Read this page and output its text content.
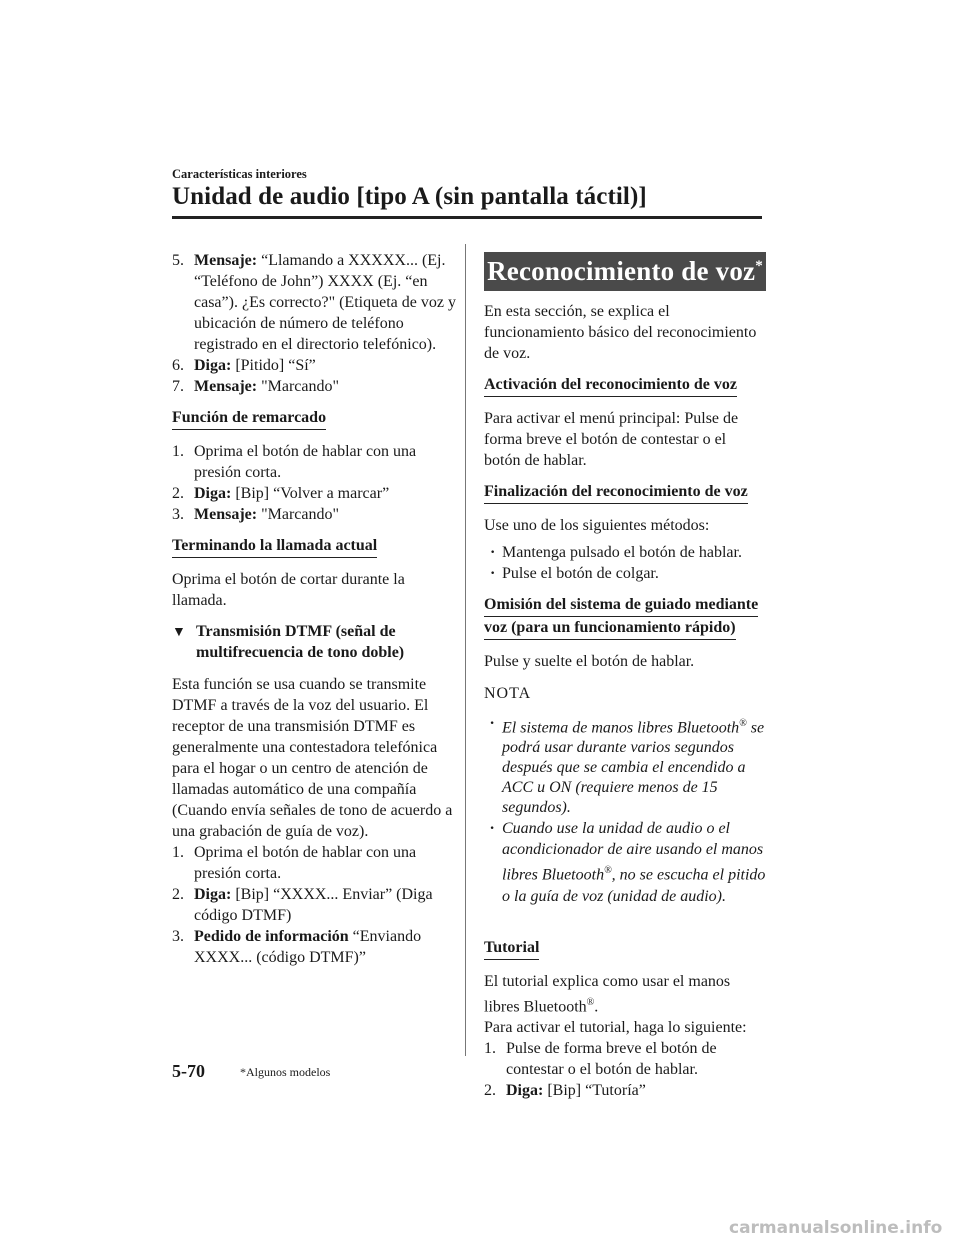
Características interiores
Unidad de audio [tipo A (sin pantalla táctil)]
5. Mensaje: “Llamando a XXXXX... (Ej. “Teléfono de John”) XXXX (Ej. “en casa”). ¿Es correcto?" (Etiqueta de voz y ubicación de número de teléfono registrado en el directorio telefónico).
6. Diga: [Pitido] “Sí”
7. Mensaje: "Marcando"
Función de remarcado
1. Oprima el botón de hablar con una presión corta.
2. Diga: [Bip] “Volver a marcar”
3. Mensaje: "Marcando"
Terminando la llamada actual

Oprima el botón de cortar durante la llamada.

▼ Transmisión DTMF (señal de multifrecuencia de tono doble)

Esta función se usa cuando se transmite DTMF a través de la voz del usuario. El receptor de una transmisión DTMF es generalmente una contestadora telefónica para el hogar o un centro de atención de llamadas automático de una compañía (Cuando envía señales de tono de acuerdo a una grabación de guía de voz).

1. Oprima el botón de hablar con una presión corta.
2. Diga: [Bip] “XXXX... Enviar” (Diga código DTMF)
3. Pedido de información “Enviando XXXX... (código DTMF)”
Reconocimiento de voz*

En esta sección, se explica el funcionamiento básico del reconocimiento de voz.

Activación del reconocimiento de voz

Para activar el menú principal: Pulse de forma breve el botón de contestar o el botón de hablar.

Finalización del reconocimiento de voz

Use uno de los siguientes métodos:

· Mantenga pulsado el botón de hablar.
· Pulse el botón de colgar.
Omisión del sistema de guiado mediante
voz (para un funcionamiento rápido)

Pulse y suelte el botón de hablar.

NOTA

· El sistema de manos libres Bluetooth® se podrá usar durante varios segundos después que se cambia el encendido a ACC u ON (requiere menos de 15 segundos).
· Cuando use la unidad de audio o el acondicionador de aire usando el manos libres Bluetooth®, no se escucha el pitido o la guía de voz (unidad de audio).
Tutorial

El tutorial explica como usar el manos libres Bluetooth®.

Para activar el tutorial, haga lo siguiente:

1. Pulse de forma breve el botón de contestar o el botón de hablar.
2. Diga: [Bip] “Tutoría”
5-70	*Algunos modelos
carmanualsonline.info
